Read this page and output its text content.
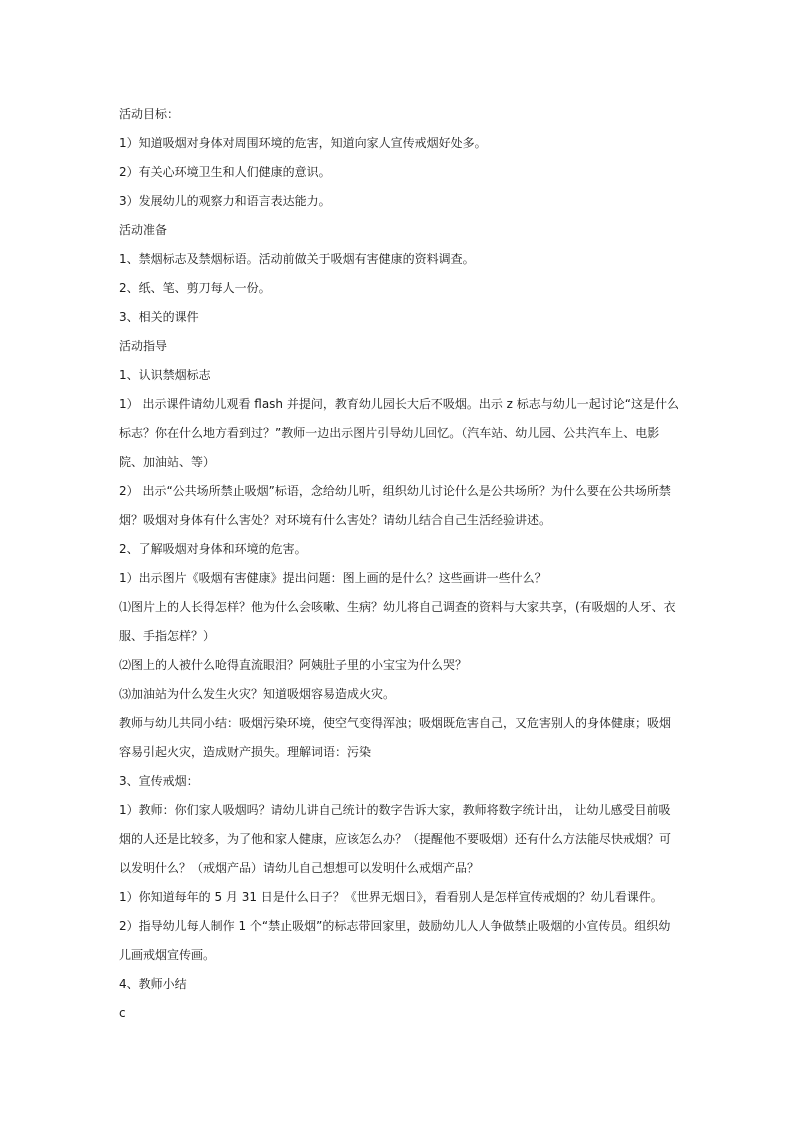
活动目标：

1）知道吸烟对身体对周围环境的危害，知道向家人宣传戒烟好处多。

2）有关心环境卫生和人们健康的意识。

3）发展幼儿的观察力和语言表达能力。

活动准备

1、禁烟标志及禁烟标语。活动前做关于吸烟有害健康的资料调查。

2、纸、笔、剪刀每人一份。

3、相关的课件

活动指导

1、认识禁烟标志

1） 出示课件请幼儿观看 flash 并提问，教育幼儿园长大后不吸烟。出示 z 标志与幼儿一起讨论“这是什么标志？你在什么地方看到过？”教师一边出示图片引导幼儿回忆。（汽车站、幼儿园、公共汽车上、电影院、加油站、等）

2） 出示“公共场所禁止吸烟”标语，念给幼儿听，组织幼儿讨论什么是公共场所？为什么要在公共场所禁烟？吸烟对身体有什么害处？对环境有什么害处？请幼儿结合自己生活经验讲述。

2、了解吸烟对身体和环境的危害。

1）出示图片《吸烟有害健康》提出问题：图上画的是什么？这些画讲一些什么？

⑴图片上的人长得怎样？他为什么会咳嗽、生病？幼儿将自己调查的资料与大家共享，(有吸烟的人牙、衣服、手指怎样？）

⑵图上的人被什么呛得直流眼泪？阿姨肚子里的小宝宝为什么哭？

⑶加油站为什么发生火灾？知道吸烟容易造成火灾。

教师与幼儿共同小结：吸烟污染环境，使空气变得浑浊；吸烟既危害自己，又危害别人的身体健康；吸烟容易引起火灾，造成财产损失。理解词语：污染

3、宣传戒烟：

1）教师：你们家人吸烟吗？请幼儿讲自己统计的数字告诉大家，教师将数字统计出， 让幼儿感受目前吸烟的人还是比较多，为了他和家人健康，应该怎么办？（提醒他不要吸烟）还有什么方法能尽快戒烟？可以发明什么？（戒烟产品）请幼儿自己想想可以发明什么戒烟产品？

1）你知道每年的 5 月 31 日是什么日子？《世界无烟日》，看看别人是怎样宣传戒烟的？幼儿看课件。

2）指导幼儿每人制作 1 个“禁止吸烟”的标志带回家里，鼓励幼儿人人争做禁止吸烟的小宣传员。组织幼儿画戒烟宣传画。

4、教师小结

c
